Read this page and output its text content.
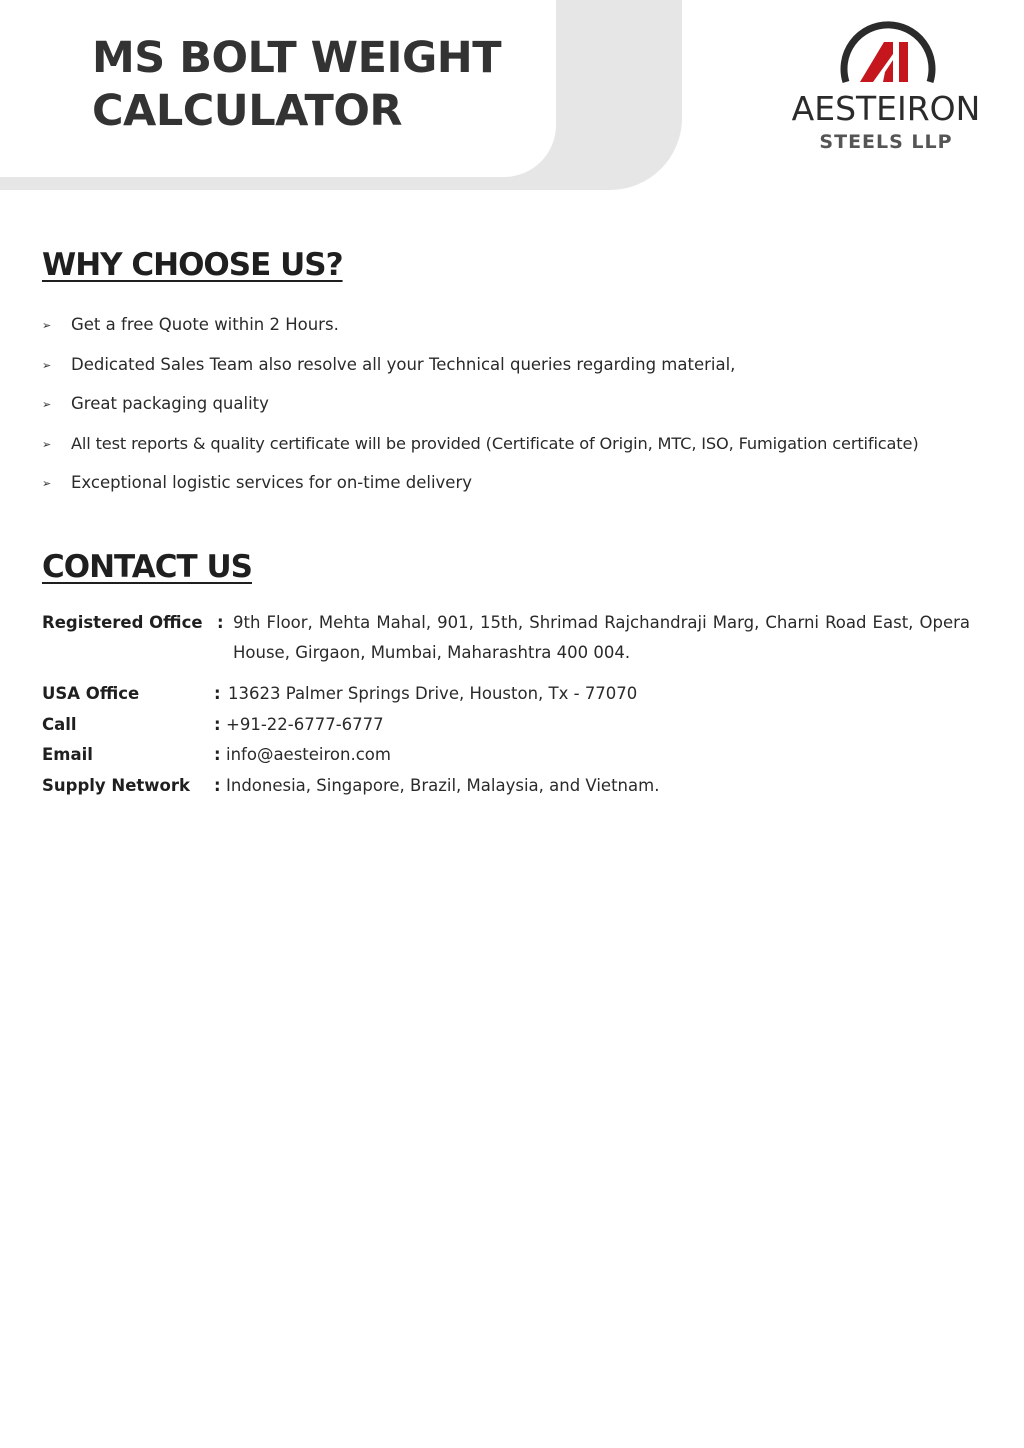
MS BOLT WEIGHT
CALCULATOR	AESTEIRON
STEELS LLP
WHY CHOOSE US?
➢ Get a free Quote within 2 Hours.
➢ Dedicated Sales Team also resolve all your Technical queries regarding material,
➢ Great packaging quality
➢ All test reports & quality certificate will be provided (Certificate of Origin, MTC, ISO, Fumigation certificate)
➢ Exceptional logistic services for on-time delivery
CONTACT US
Registered Office : 9th Floor, Mehta Mahal, 901, 15th, Shrimad Rajchandraji Marg, Charni Road East, Opera House, Girgaon, Mumbai, Maharashtra 400 004.
USA Office	: 13623 Palmer Springs Drive, Houston, Tx - 77070
Call	: +91-22-6777-6777
Email	: info@aesteiron.com
Supply Network : Indonesia, Singapore, Brazil, Malaysia, and Vietnam.
